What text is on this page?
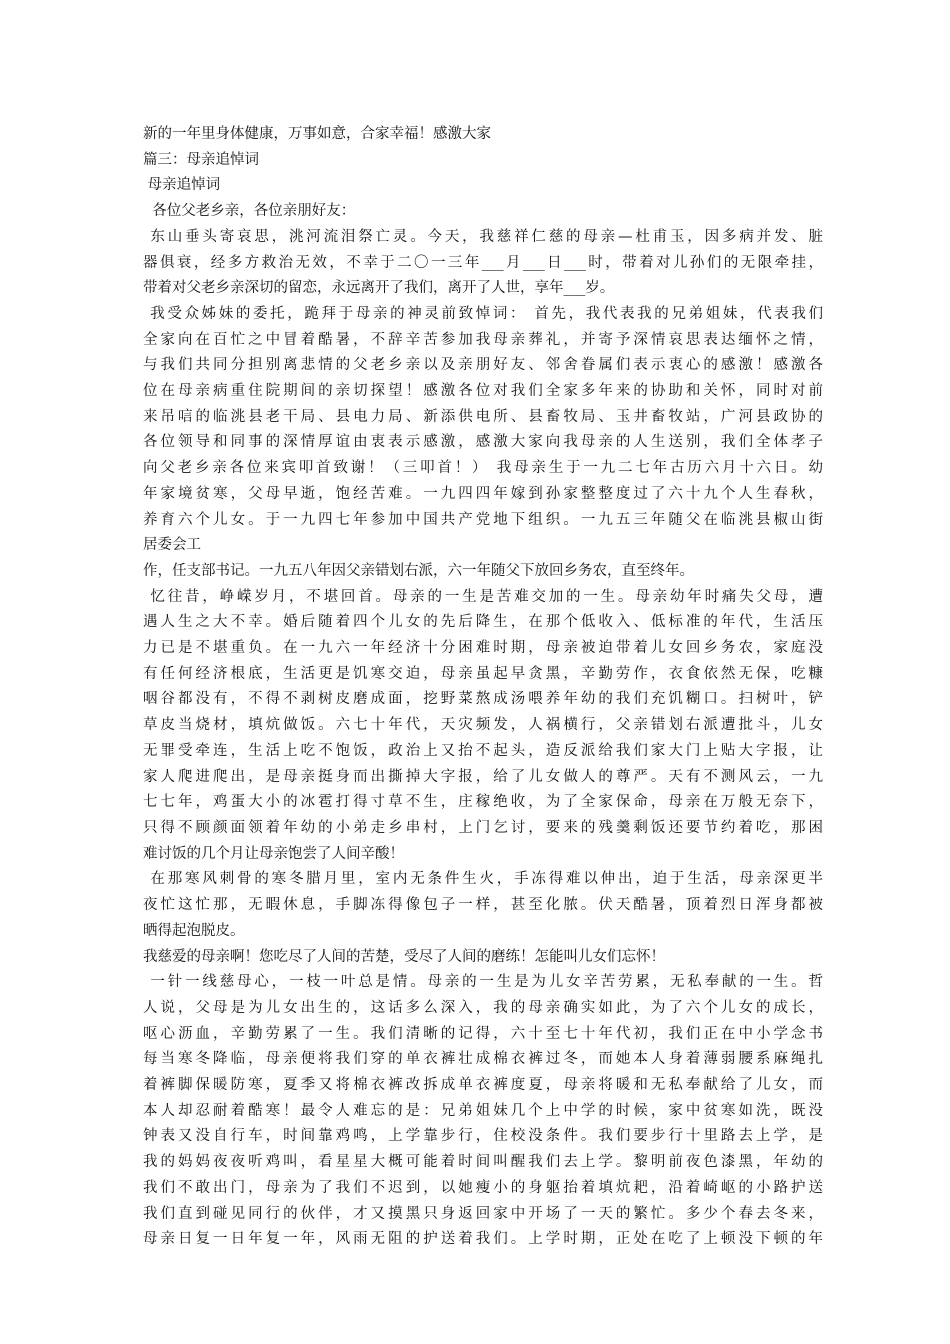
新的一年里身体健康，万事如意，合家幸福！感激大家
篇三：母亲追悼词
母亲追悼词
各位父老乡亲，各位亲朋好友：
东山垂头寄哀思，洮河流泪祭亡灵。今天，我慈祥仁慈的母亲—杜甫玉，因多病并发、脏
器俱衰，经多方救治无效，不幸于二〇一三年___月___日___时，带着对儿孙们的无限牵挂，
带着对父老乡亲深切的留恋，永远离开了我们，离开了人世，享年___岁。
我受众姊妹的委托，跪拜于母亲的神灵前致悼词： 首先，我代表我的兄弟姐妹，代表我们
全家向在百忙之中冒着酷暑，不辞辛苦参加我母亲葬礼，并寄予深情哀思表达缅怀之情，
与我们共同分担别离悲情的父老乡亲以及亲朋好友、邻舍眷属们表示衷心的感激！感激各
位在母亲病重住院期间的亲切探望！感激各位对我们全家多年来的协助和关怀，同时对前
来吊唁的临洮县老干局、县电力局、新添供电所、县畜牧局、玉井畜牧站，广河县政协的
各位领导和同事的深情厚谊由衷表示感激，感激大家向我母亲的人生送别，我们全体孝子
向父老乡亲各位来宾叩首致谢！（三叩首！） 我母亲生于一九二七年古历六月十六日。幼
年家境贫寒，父母早逝，饱经苦难。一九四四年嫁到孙家整整度过了六十九个人生春秋，
养育六个儿女。于一九四七年参加中国共产党地下组织。一九五三年随父在临洮县椒山街
居委会工
作，任支部书记。一九五八年因父亲错划右派，六一年随父下放回乡务农，直至终年。
忆往昔，峥嵘岁月，不堪回首。母亲的一生是苦难交加的一生。母亲幼年时痛失父母，遭
遇人生之大不幸。婚后随着四个儿女的先后降生，在那个低收入、低标准的年代，生活压
力已是不堪重负。在一九六一年经济十分困难时期，母亲被迫带着儿女回乡务农，家庭没
有任何经济根底，生活更是饥寒交迫，母亲虽起早贪黑，辛勤劳作，衣食依然无保，吃糠
咽谷都没有，不得不剥树皮磨成面，挖野菜熬成汤喂养年幼的我们充饥糊口。扫树叶，铲
草皮当烧材，填炕做饭。六七十年代，天灾频发，人祸横行，父亲错划右派遭批斗，儿女
无罪受牵连，生活上吃不饱饭，政治上又抬不起头，造反派给我们家大门上贴大字报，让
家人爬进爬出，是母亲挺身而出撕掉大字报，给了儿女做人的尊严。天有不测风云，一九
七七年，鸡蛋大小的冰雹打得寸草不生，庄稼绝收，为了全家保命，母亲在万般无奈下，
只得不顾颜面领着年幼的小弟走乡串村，上门乞讨，要来的残羹剩饭还要节约着吃，那困
难讨饭的几个月让母亲饱尝了人间辛酸！
在那寒风刺骨的寒冬腊月里，室内无条件生火，手冻得难以伸出，迫于生活，母亲深更半
夜忙这忙那，无暇休息，手脚冻得像包子一样，甚至化脓。伏天酷暑，顶着烈日浑身都被
晒得起泡脱皮。
我慈爱的母亲啊！您吃尽了人间的苦楚，受尽了人间的磨练！怎能叫儿女们忘怀！
一针一线慈母心，一枝一叶总是情。母亲的一生是为儿女辛苦劳累，无私奉献的一生。哲
人说，父母是为儿女出生的，这话多么深入，我的母亲确实如此，为了六个儿女的成长，
呕心沥血，辛勤劳累了一生。我们清晰的记得，六十至七十年代初，我们正在中小学念书
每当寒冬降临，母亲便将我们穿的单衣裤壮成棉衣裤过冬，而她本人身着薄弱腰系麻绳扎
着裤脚保暖防寒，夏季又将棉衣裤改拆成单衣裤度夏，母亲将暖和无私奉献给了儿女，而
本人却忍耐着酷寒！最令人难忘的是：兄弟姐妹几个上中学的时候，家中贫寒如洗，既没
钟表又没自行车，时间靠鸡鸣，上学靠步行，住校没条件。我们要步行十里路去上学，是
我的妈妈夜夜听鸡叫，看星星大概可能着时间叫醒我们去上学。黎明前夜色漆黑，年幼的
我们不敢出门，母亲为了我们不迟到，以她瘦小的身躯抬着填炕耙，沿着崎岖的小路护送
我们直到碰见同行的伙伴，才又摸黑只身返回家中开场了一天的繁忙。多少个春去冬来，
母亲日复一日年复一年，风雨无阻的护送着我们。上学时期，正处在吃了上顿没下顿的年
